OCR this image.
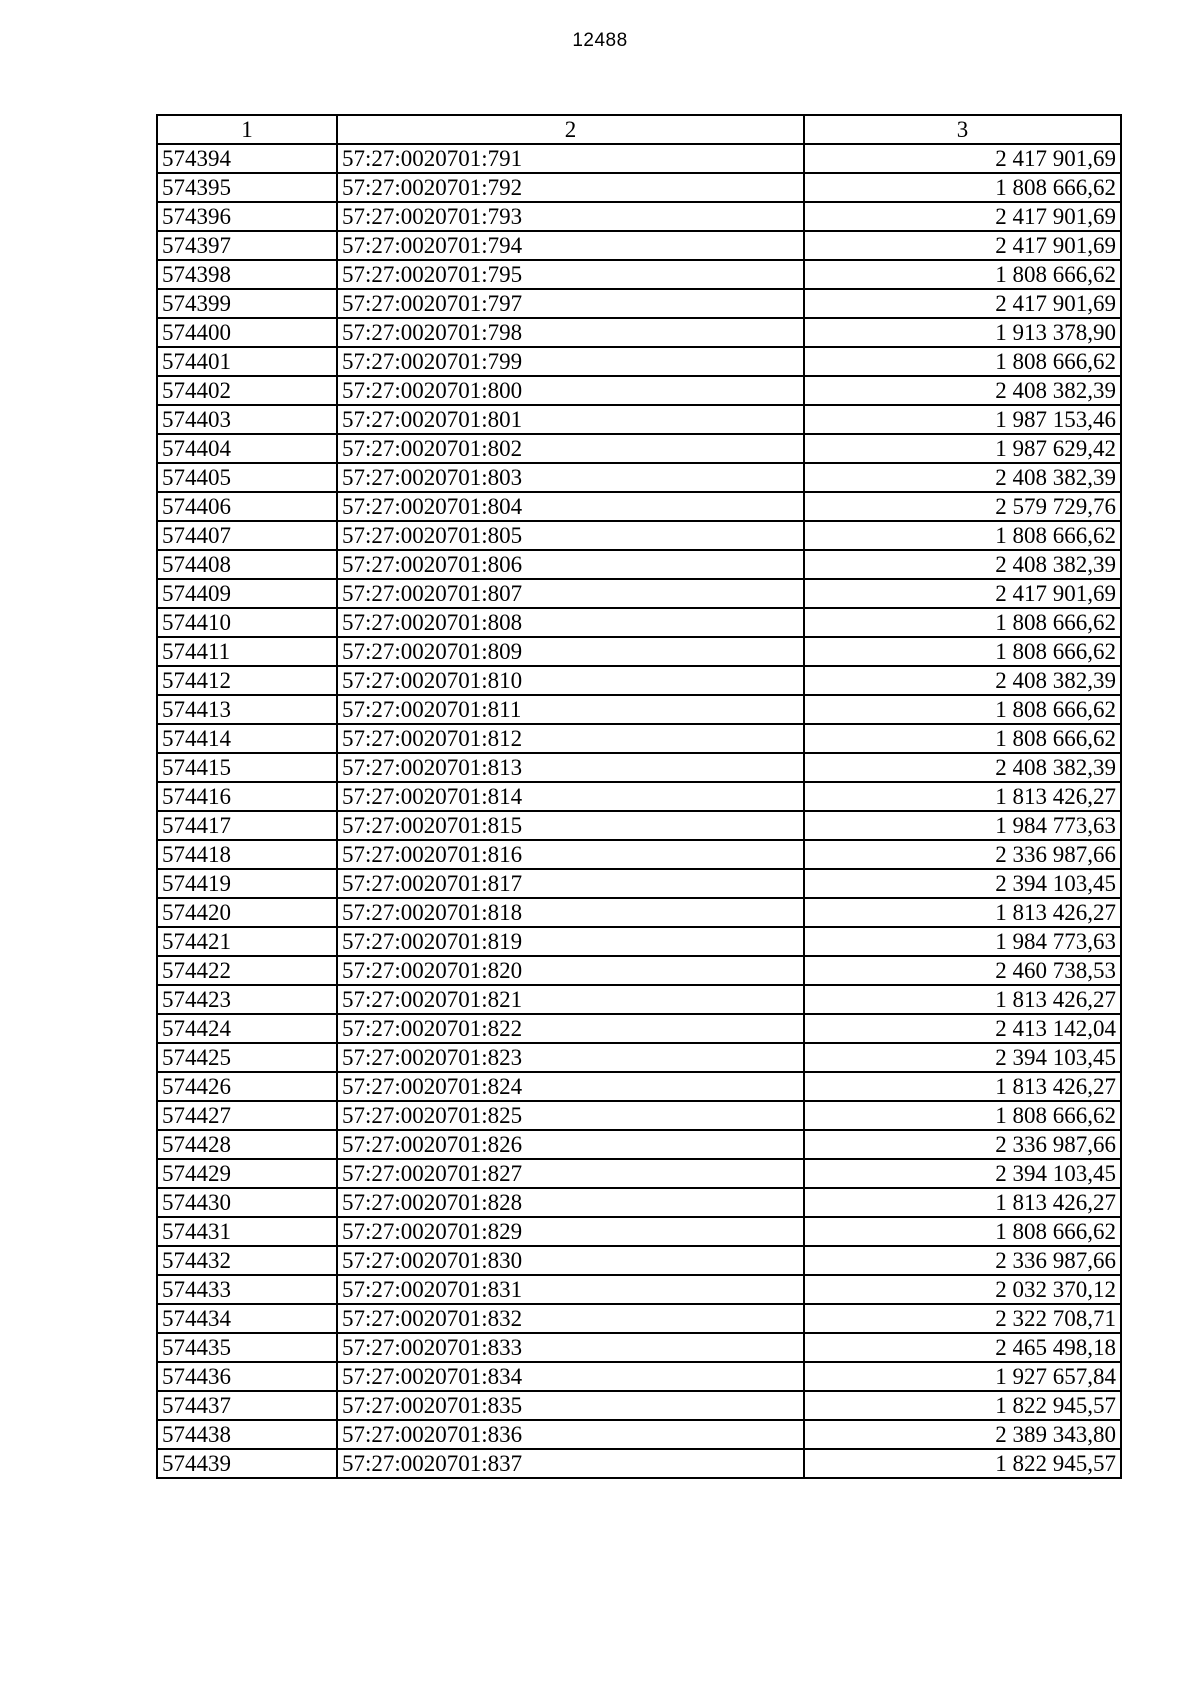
12488
1	2	3
574394	57:27:0020701:791	2 417 901,69
574395	57:27:0020701:792	1 808 666,62
574396	57:27:0020701:793	2 417 901,69
574397	57:27:0020701:794	2 417 901,69
574398	57:27:0020701:795	1 808 666,62
574399	57:27:0020701:797	2 417 901,69
574400	57:27:0020701:798	1 913 378,90
574401	57:27:0020701:799	1 808 666,62
574402	57:27:0020701:800	2 408 382,39
574403	57:27:0020701:801	1 987 153,46
574404	57:27:0020701:802	1 987 629,42
574405	57:27:0020701:803	2 408 382,39
574406	57:27:0020701:804	2 579 729,76
574407	57:27:0020701:805	1 808 666,62
574408	57:27:0020701:806	2 408 382,39
574409	57:27:0020701:807	2 417 901,69
574410	57:27:0020701:808	1 808 666,62
574411	57:27:0020701:809	1 808 666,62
574412	57:27:0020701:810	2 408 382,39
574413	57:27:0020701:811	1 808 666,62
574414	57:27:0020701:812	1 808 666,62
574415	57:27:0020701:813	2 408 382,39
574416	57:27:0020701:814	1 813 426,27
574417	57:27:0020701:815	1 984 773,63
574418	57:27:0020701:816	2 336 987,66
574419	57:27:0020701:817	2 394 103,45
574420	57:27:0020701:818	1 813 426,27
574421	57:27:0020701:819	1 984 773,63
574422	57:27:0020701:820	2 460 738,53
574423	57:27:0020701:821	1 813 426,27
574424	57:27:0020701:822	2 413 142,04
574425	57:27:0020701:823	2 394 103,45
574426	57:27:0020701:824	1 813 426,27
574427	57:27:0020701:825	1 808 666,62
574428	57:27:0020701:826	2 336 987,66
574429	57:27:0020701:827	2 394 103,45
574430	57:27:0020701:828	1 813 426,27
574431	57:27:0020701:829	1 808 666,62
574432	57:27:0020701:830	2 336 987,66
574433	57:27:0020701:831	2 032 370,12
574434	57:27:0020701:832	2 322 708,71
574435	57:27:0020701:833	2 465 498,18
574436	57:27:0020701:834	1 927 657,84
574437	57:27:0020701:835	1 822 945,57
574438	57:27:0020701:836	2 389 343,80
574439	57:27:0020701:837	1 822 945,57
